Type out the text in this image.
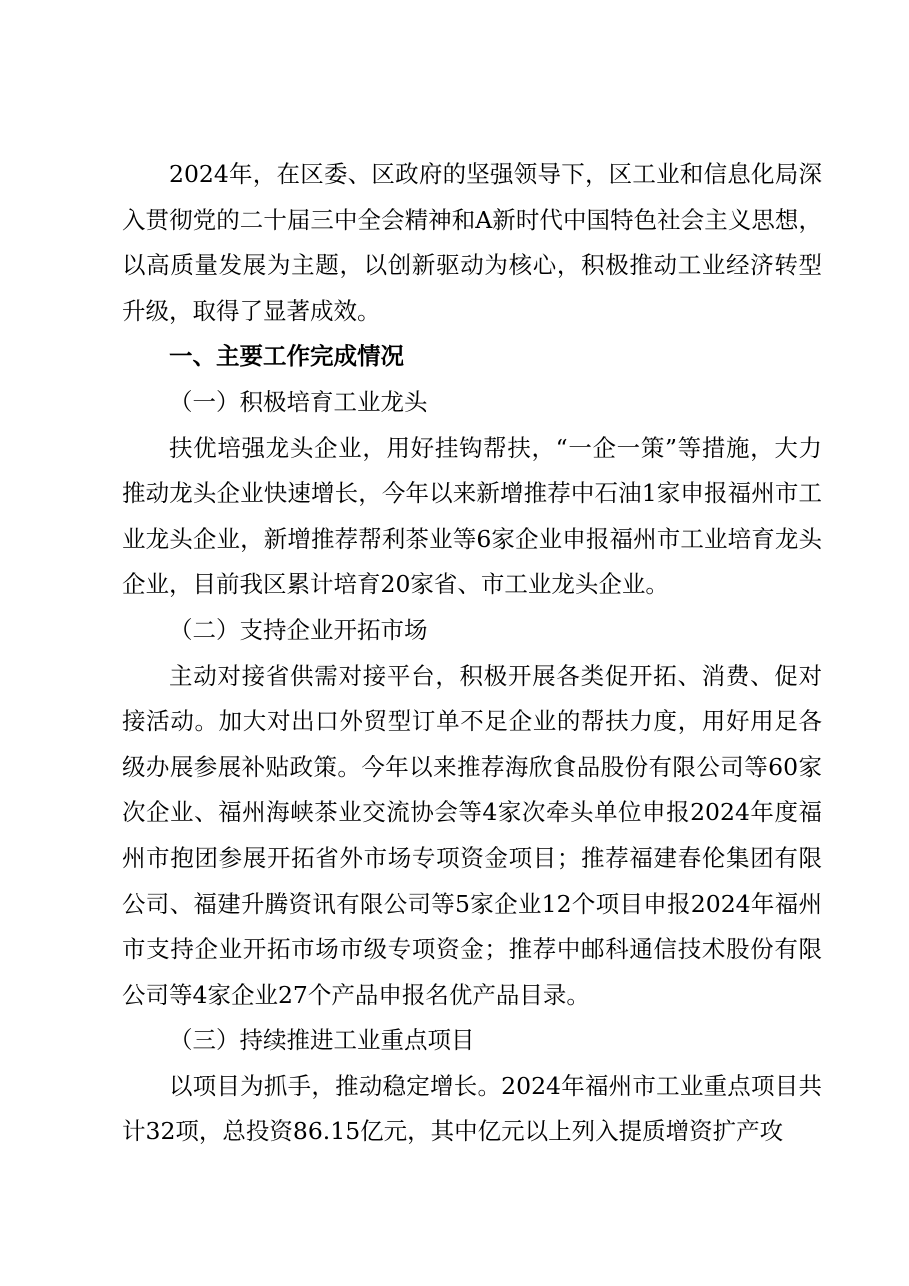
2024年，在区委、区政府的坚强领导下，区工业和信息化局深入贯彻党的二十届三中全会精神和A新时代中国特色社会主义思想，以高质量发展为主题，以创新驱动为核心，积极推动工业经济转型升级，取得了显著成效。

一、主要工作完成情况

（一）积极培育工业龙头

扶优培强龙头企业，用好挂钩帮扶，“一企一策”等措施，大力推动龙头企业快速增长，今年以来新增推荐中石油1家申报福州市工业龙头企业，新增推荐帮利茶业等6家企业申报福州市工业培育龙头企业，目前我区累计培育20家省、市工业龙头企业。

（二）支持企业开拓市场

主动对接省供需对接平台，积极开展各类促开拓、消费、促对接活动。加大对出口外贸型订单不足企业的帮扶力度，用好用足各级办展参展补贴政策。今年以来推荐海欣食品股份有限公司等60家次企业、福州海峡茶业交流协会等4家次牵头单位申报2024年度福州市抱团参展开拓省外市场专项资金项目；推荐福建春伦集团有限公司、福建升腾资讯有限公司等5家企业12个项目申报2024年福州市支持企业开拓市场市级专项资金；推荐中邮科通信技术股份有限公司等4家企业27个产品申报名优产品目录。

（三）持续推进工业重点项目

以项目为抓手，推动稳定增长。2024年福州市工业重点项目共计32项，总投资86.15亿元，其中亿元以上列入提质增资扩产攻
